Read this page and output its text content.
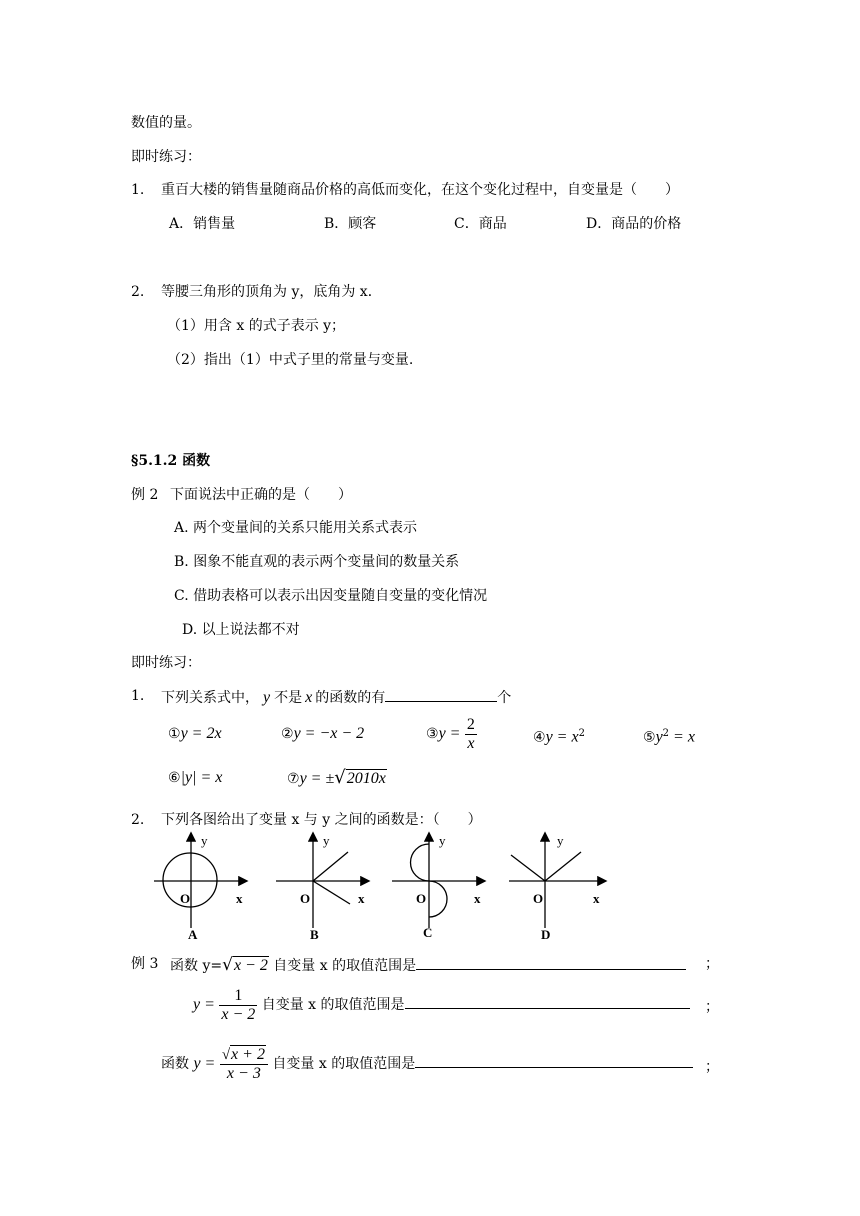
数值的量。
即时练习：
1. 重百大楼的销售量随商品价格的高低而变化，在这个变化过程中，自变量是（　　）
A．销售量	B．顾客	C．商品	D．商品的价格
2. 等腰三角形的顶角为 y，底角为 x．
（1）用含 x 的式子表示 y；
（2）指出（1）中式子里的常量与变量.
§5.1.2 函数
例 2 下面说法中正确的是（　　）
A. 两个变量间的关系只能用关系式表示
B. 图象不能直观的表示两个变量间的数量关系
C. 借助表格可以表示出因变量随自变量的变化情况
D. 以上说法都不对
即时练习：
1. 下列关系式中， y 不是 x 的函数的有	个
①y = 2x	②y = −x − 2	③y = $\frac{2}{x}$	④y = $x^2$	$⑤y^2 = x$
⑥|y| = x	⑦y = ±√2010x
2. 下列各图给出了变量 x 与 y 之间的函数是：（　　）
y
x
O
A
y
x
O
B
y
x
O
C
y
x
O
D
例 3 函数 y=√x − 2 自变量 x 的取值范围是	；
$y = \frac{1}{x - 2}$ 自变量 x 的取值范围是	；
函数 $y = \frac{√x + 2}{x - 3}$ 自变量 x 的取值范围是	；
